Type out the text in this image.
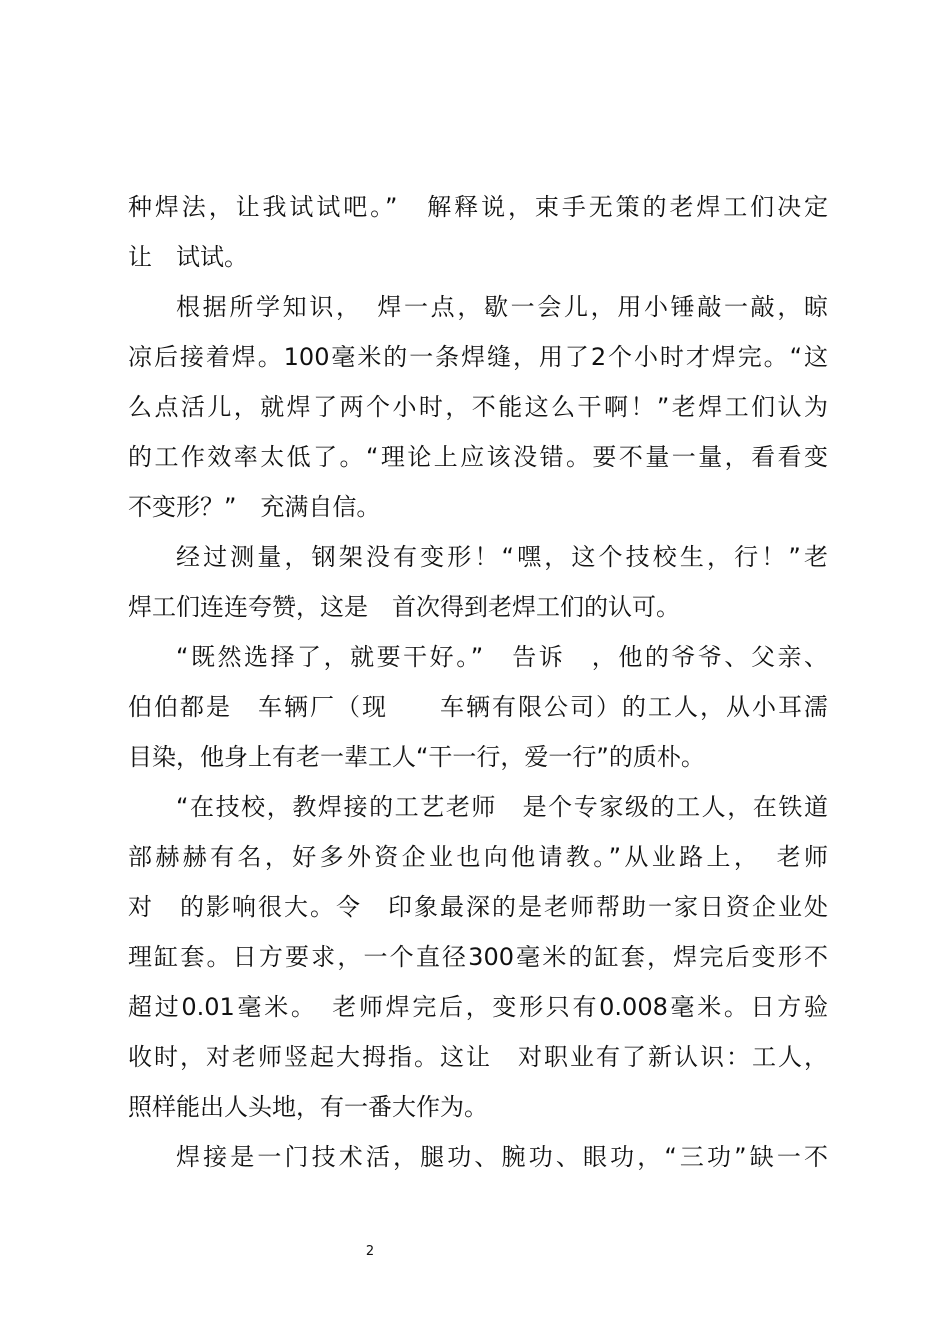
种焊法，让我试试吧。”　解释说，束手无策的老焊工们决定
让　试试。
根据所学知识，　焊一点，歇一会儿，用小锤敲一敲，晾
凉后接着焊。100毫米的一条焊缝，用了2个小时才焊完。“这
么点活儿，就焊了两个小时，不能这么干啊！”老焊工们认为
的工作效率太低了。“理论上应该没错。要不量一量，看看变
不变形？”　充满自信。
经过测量，钢架没有变形！“嘿，这个技校生，行！”老
焊工们连连夸赞，这是　首次得到老焊工们的认可。
“既然选择了，就要干好。”　告诉　，他的爷爷、父亲、
伯伯都是　车辆厂（现　　车辆有限公司）的工人，从小耳濡
目染，他身上有老一辈工人“干一行，爱一行”的质朴。
“在技校，教焊接的工艺老师　是个专家级的工人，在铁道
部赫赫有名，好多外资企业也向他请教。”从业路上，　老师
对　的影响很大。令　印象最深的是老师帮助一家日资企业处
理缸套。日方要求，一个直径300毫米的缸套，焊完后变形不
超过0.01毫米。　老师焊完后，变形只有0.008毫米。日方验
收时，对老师竖起大拇指。这让　对职业有了新认识：工人，
照样能出人头地，有一番大作为。
焊接是一门技术活，腿功、腕功、眼功，“三功”缺一不
2
